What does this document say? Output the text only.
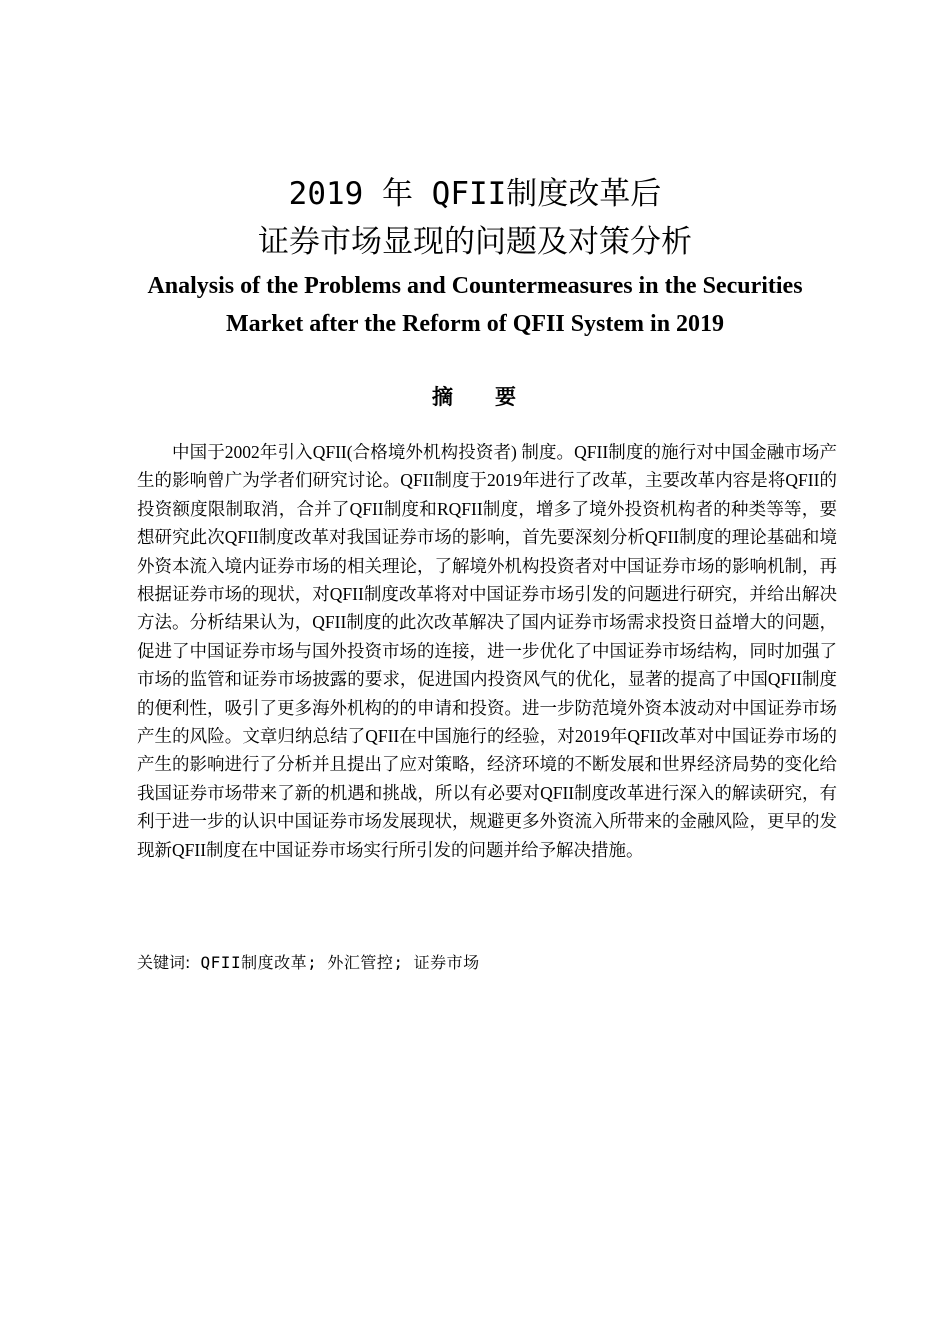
2019 年 QFII制度改革后
证券市场显现的问题及对策分析
Analysis of the Problems and Countermeasures in the Securities
Market after the Reform of QFII System in 2019
摘 要

中国于2002年引入QFII(合格境外机构投资者) 制度。QFII制度的施行对中国金融市场产生的影响曾广为学者们研究讨论。QFII制度于2019年进行了改革，主要改革内容是将QFII的投资额度限制取消，合并了QFII制度和RQFII制度，增多了境外投资机构者的种类等等，要想研究此次QFII制度改革对我国证券市场的影响，首先要深刻分析QFII制度的理论基础和境外资本流入境内证券市场的相关理论，了解境外机构投资者对中国证券市场的影响机制，再根据证券市场的现状，对QFII制度改革将对中国证券市场引发的问题进行研究，并给出解决方法。分析结果认为，QFII制度的此次改革解决了国内证券市场需求投资日益增大的问题，促进了中国证券市场与国外投资市场的连接，进一步优化了中国证券市场结构，同时加强了市场的监管和证券市场披露的要求，促进国内投资风气的优化，显著的提高了中国QFII制度的便利性，吸引了更多海外机构的的申请和投资。进一步防范境外资本波动对中国证券市场产生的风险。文章归纳总结了QFII在中国施行的经验，对2019年QFII改革对中国证券市场的产生的影响进行了分析并且提出了应对策略，经济环境的不断发展和世界经济局势的变化给我国证券市场带来了新的机遇和挑战，所以有必要对QFII制度改革进行深入的解读研究，有利于进一步的认识中国证券市场发展现状，规避更多外资流入所带来的金融风险，更早的发现新QFII制度在中国证券市场实行所引发的问题并给予解决措施。

关键词: QFII制度改革; 外汇管控; 证券市场
